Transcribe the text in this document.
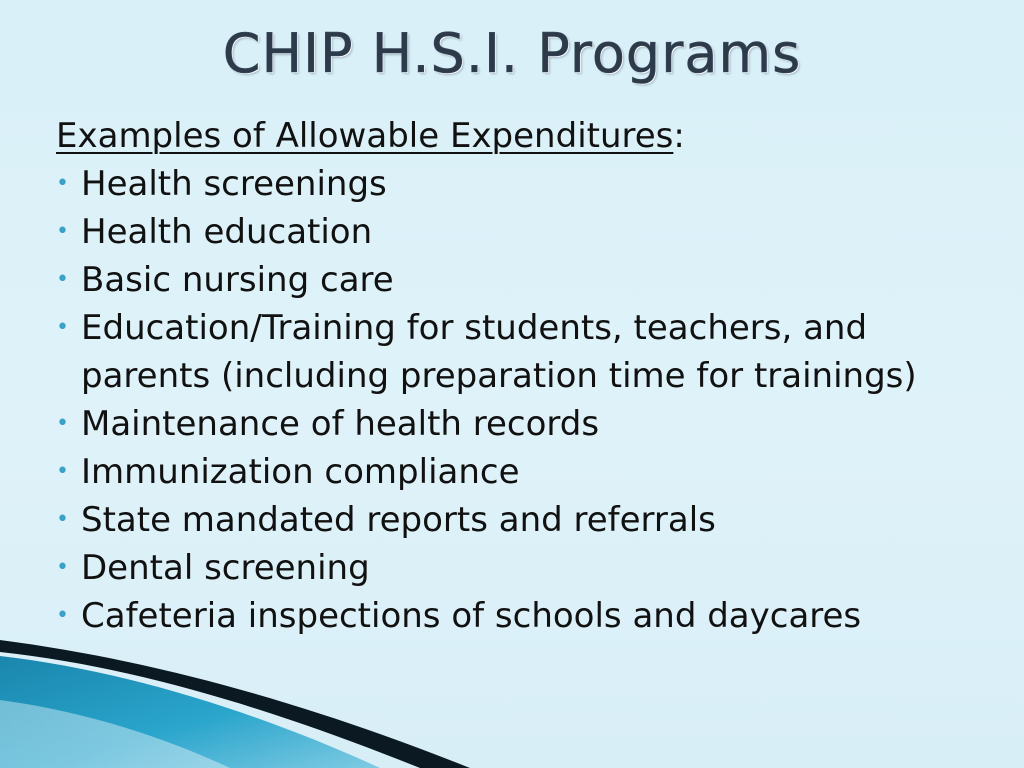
CHIP H.S.I. Programs

Examples of Allowable Expenditures:

• Health screenings
• Health education
• Basic nursing care
• Education/Training for students, teachers, and parents (including preparation time for trainings)
• Maintenance of health records
• Immunization compliance
• State mandated reports and referrals
• Dental screening
• Cafeteria inspections of schools and daycares
